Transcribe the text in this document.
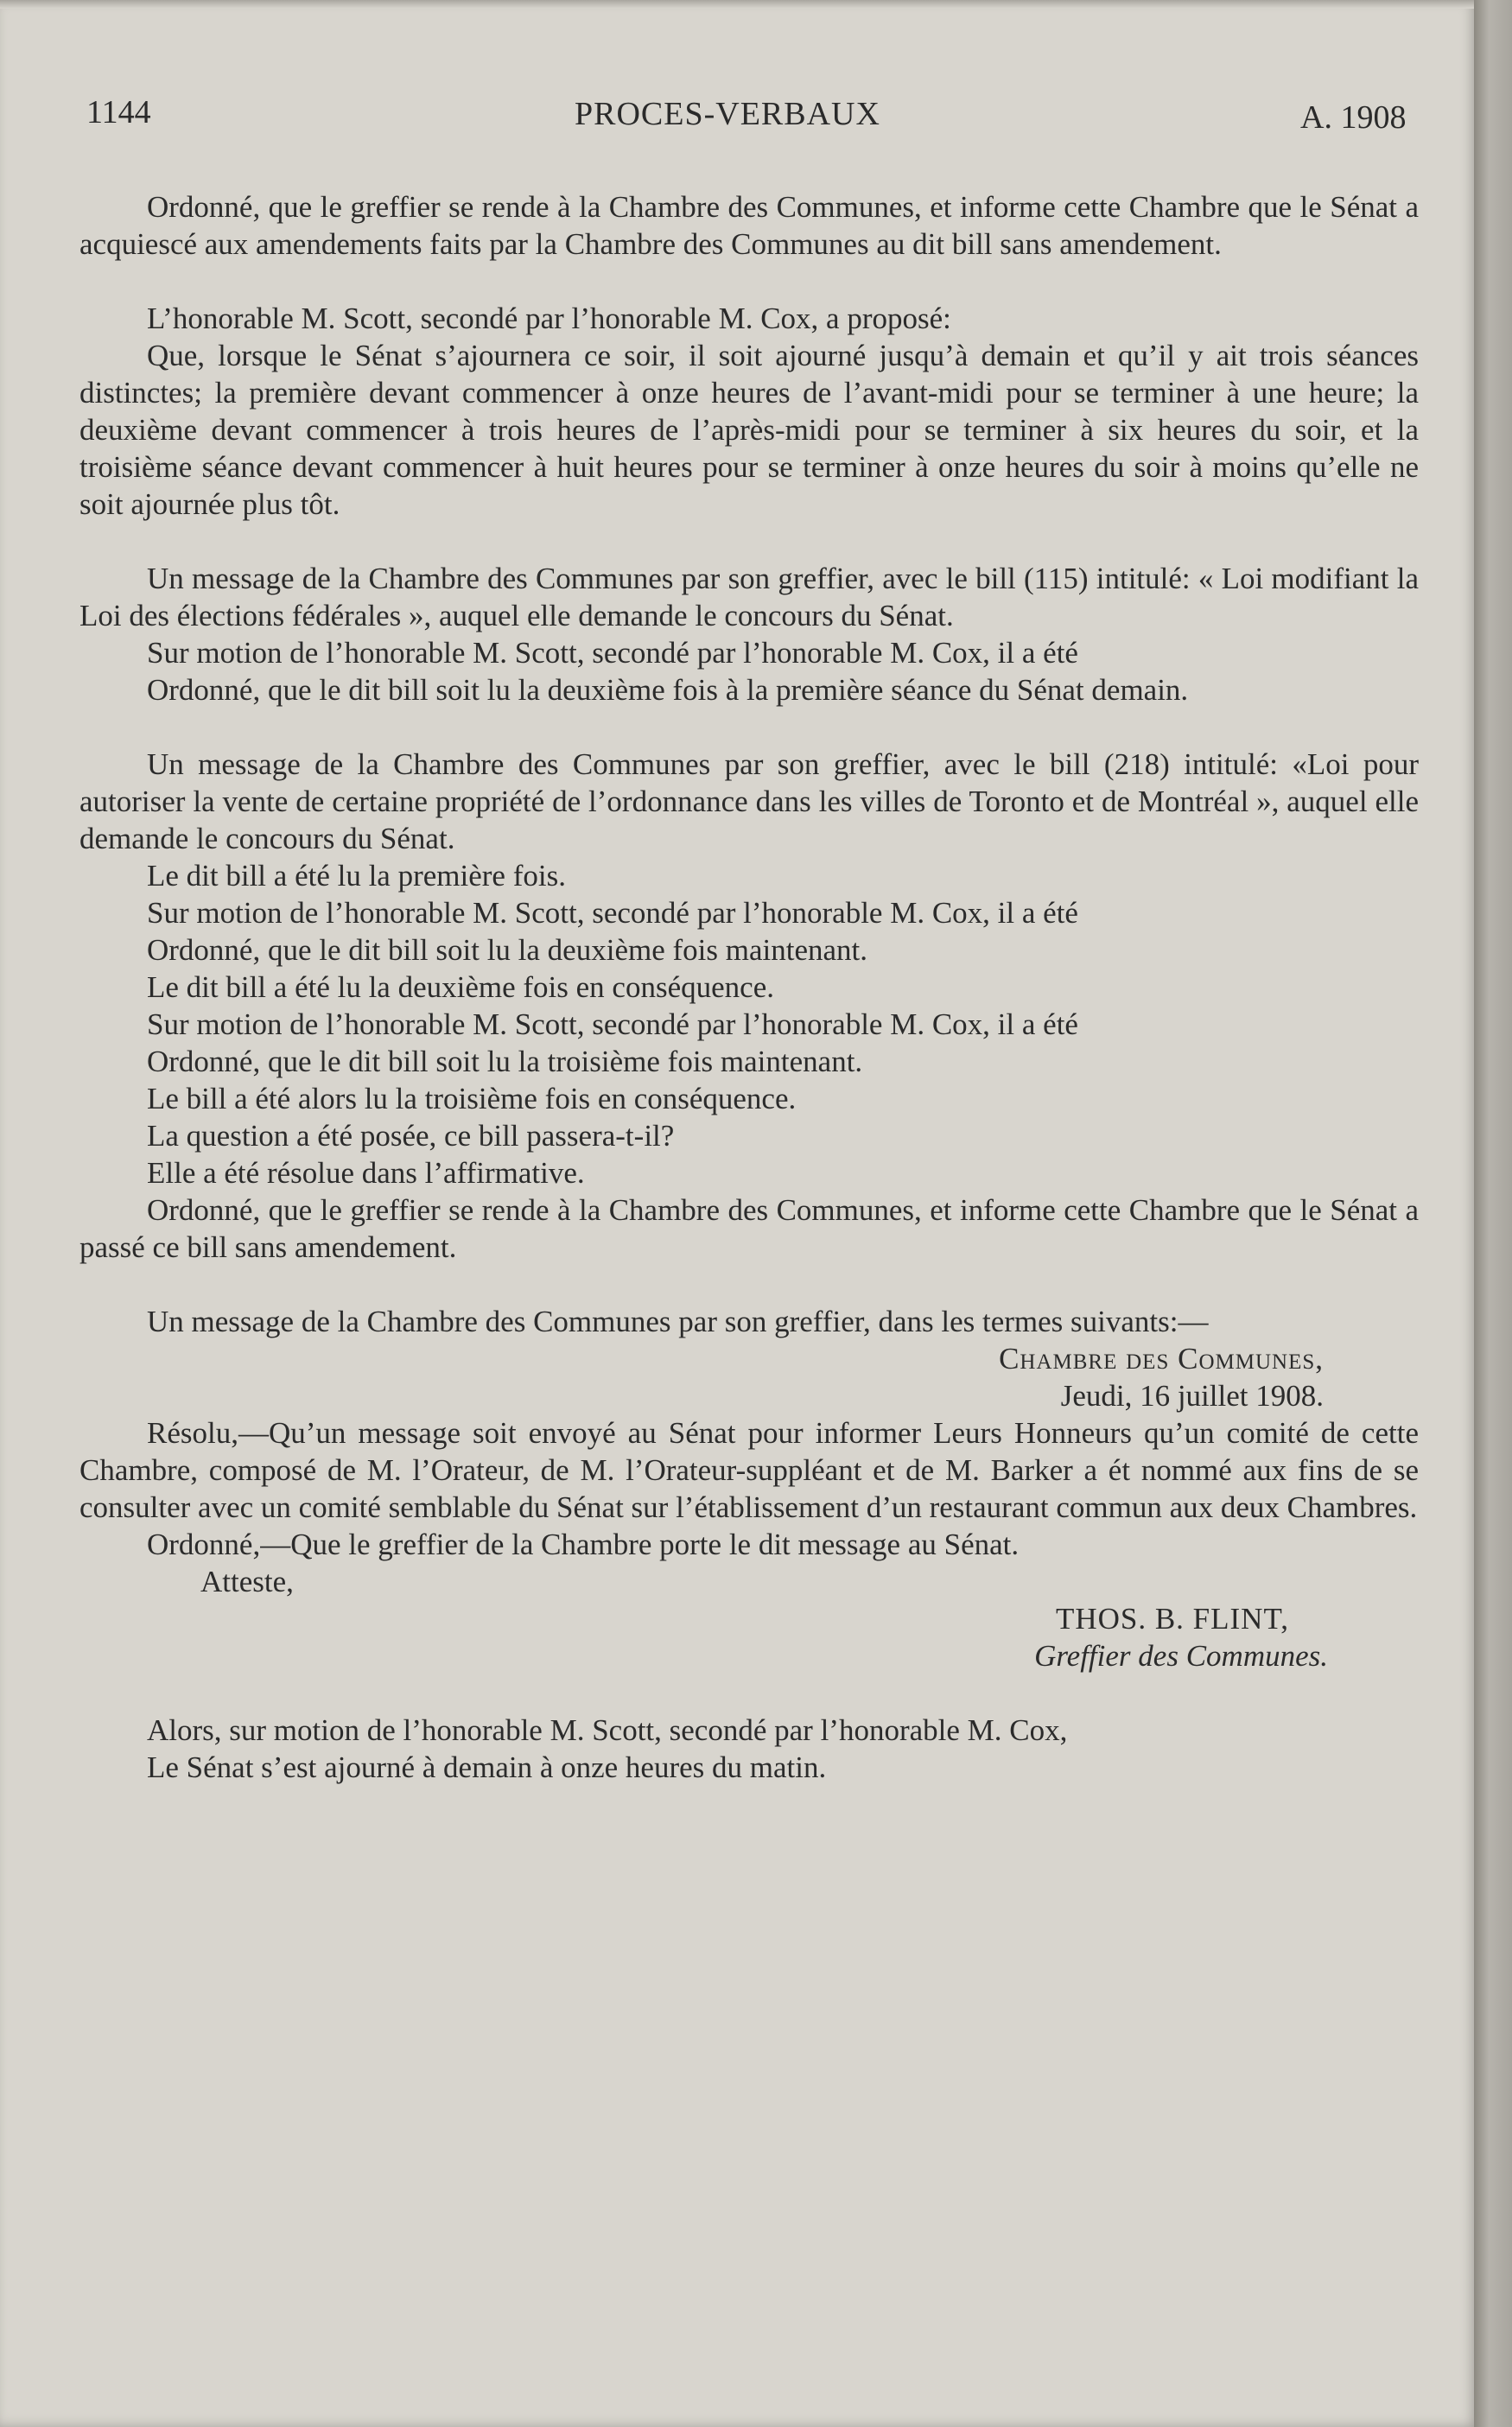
1144	PROCES-VERBAUX	A. 1908

Ordonné, que le greffier se rende à la Chambre des Communes, et informe cette Chambre que le Sénat a acquiescé aux amendements faits par la Chambre des Communes au dit bill sans amendement.

L’honorable M. Scott, secondé par l’honorable M. Cox, a proposé:

Que, lorsque le Sénat s’ajournera ce soir, il soit ajourné jusqu’à demain et qu’il y ait trois séances distinctes; la première devant commencer à onze heures de l’avant-midi pour se terminer à une heure; la deuxième devant commencer à trois heures de l’après-midi pour se terminer à six heures du soir, et la troisième séance devant commencer à huit heures pour se terminer à onze heures du soir à moins qu’elle ne soit ajournée plus tôt.

Un message de la Chambre des Communes par son greffier, avec le bill (115) intitulé: « Loi modifiant la Loi des élections fédérales », auquel elle demande le concours du Sénat.

Sur motion de l’honorable M. Scott, secondé par l’honorable M. Cox, il a été

Ordonné, que le dit bill soit lu la deuxième fois à la première séance du Sénat demain.

Un message de la Chambre des Communes par son greffier, avec le bill (218) intitulé: «Loi pour autoriser la vente de certaine propriété de l’ordonnance dans les villes de Toronto et de Montréal », auquel elle demande le concours du Sénat.

Le dit bill a été lu la première fois.

Sur motion de l’honorable M. Scott, secondé par l’honorable M. Cox, il a été

Ordonné, que le dit bill soit lu la deuxième fois maintenant.

Le dit bill a été lu la deuxième fois en conséquence.

Sur motion de l’honorable M. Scott, secondé par l’honorable M. Cox, il a été

Ordonné, que le dit bill soit lu la troisième fois maintenant.

Le bill a été alors lu la troisième fois en conséquence.

La question a été posée, ce bill passera-t-il?

Elle a été résolue dans l’affirmative.

Ordonné, que le greffier se rende à la Chambre des Communes, et informe cette Chambre que le Sénat a passé ce bill sans amendement.

Un message de la Chambre des Communes par son greffier, dans les termes suivants:—

Chambre des Communes,

Jeudi, 16 juillet 1908.

Résolu,—Qu’un message soit envoyé au Sénat pour informer Leurs Honneurs qu’un comité de cette Chambre, composé de M. l’Orateur, de M. l’Orateur-suppléant et de M. Barker a ét nommé aux fins de se consulter avec un comité semblable du Sénat sur l’établissement d’un restaurant commun aux deux Chambres.

Ordonné,—Que le greffier de la Chambre porte le dit message au Sénat.

Atteste,

THOS. B. FLINT,

Greffier des Communes.

Alors, sur motion de l’honorable M. Scott, secondé par l’honorable M. Cox,

Le Sénat s’est ajourné à demain à onze heures du matin.
